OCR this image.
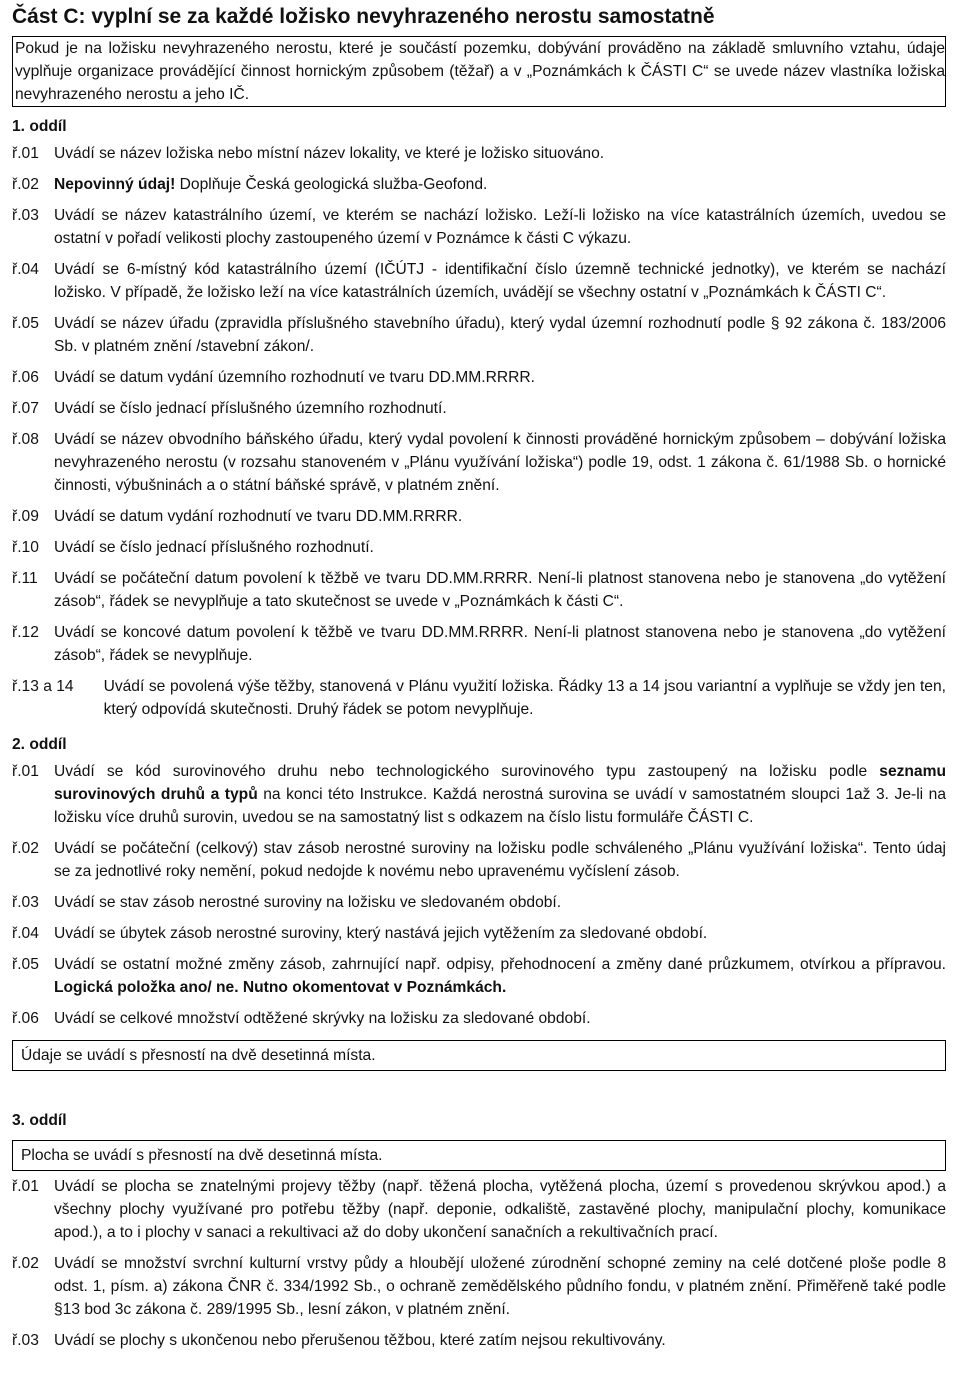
Část C: vyplní se za každé ložisko nevyhrazeného nerostu samostatně
Pokud je na ložisku nevyhrazeného nerostu, které je součástí pozemku, dobývání prováděno na základě smluvního vztahu, údaje vyplňuje organizace provádějící činnost hornickým způsobem (těžař) a v „Poznámkách k ČÁSTI C“ se uvede název vlastníka ložiska nevyhrazeného nerostu a jeho IČ.
1. oddíl
ř.01 Uvádí se název ložiska nebo místní název lokality, ve které je ložisko situováno.
ř.02 Nepovinný údaj! Doplňuje Česká geologická služba-Geofond.
ř.03 Uvádí se název katastrálního území, ve kterém se nachází ložisko. Leží-li ložisko na více katastrálních územích, uvedou se ostatní v pořadí velikosti plochy zastoupeného území v Poznámce k části C výkazu.
ř.04 Uvádí se 6-místný kód katastrálního území (IČÚTJ - identifikační číslo územně technické jednotky), ve kterém se nachází ložisko. V případě, že ložisko leží na více katastrálních územích, uvádějí se všechny ostatní v „Poznámkách k ČÁSTI C“.
ř.05 Uvádí se název úřadu (zpravidla příslušného stavebního úřadu), který vydal územní rozhodnutí podle § 92 zákona č. 183/2006 Sb. v platném znění /stavební zákon/.
ř.06 Uvádí se datum vydání územního rozhodnutí ve tvaru DD.MM.RRRR.
ř.07 Uvádí se číslo jednací příslušného územního rozhodnutí.
ř.08 Uvádí se název obvodního báňského úřadu, který vydal povolení k činnosti prováděné hornickým způsobem – dobývání ložiska nevyhrazeného nerostu (v rozsahu stanoveném v „Plánu využívání ložiska“) podle 19, odst. 1 zákona č. 61/1988 Sb. o hornické činnosti, výbušninách a o státní báňské správě, v platném znění.
ř.09 Uvádí se datum vydání rozhodnutí ve tvaru DD.MM.RRRR.
ř.10 Uvádí se číslo jednací příslušného rozhodnutí.
ř.11	Uvádí se počáteční datum povolení k těžbě ve tvaru DD.MM.RRRR. Není-li platnost stanovena nebo je stanovena „do vytěžení zásob“, řádek se nevyplňuje a tato skutečnost se uvede v „Poznámkách k části C“.
ř.12 Uvádí se koncové datum povolení k těžbě ve tvaru DD.MM.RRRR. Není-li platnost stanovena nebo je stanovena „do vytěžení zásob“, řádek se nevyplňuje.
ř.13 a 14	Uvádí se povolená výše těžby, stanovená v Plánu využití ložiska. Řádky 13 a 14 jsou variantní a vyplňuje se vždy jen ten, který odpovídá skutečnosti. Druhý řádek se potom nevyplňuje.
2. oddíl
ř.01 Uvádí se kód surovinového druhu nebo technologického surovinového typu zastoupený na ložisku podle seznamu surovinových druhů a typů na konci této Instrukce. Každá nerostná surovina se uvádí v samostatném sloupci 1až 3. Je-li na ložisku více druhů surovin, uvedou se na samostatný list s odkazem na číslo listu formuláře ČÁSTI C.
ř.02 Uvádí se počáteční (celkový) stav zásob nerostné suroviny na ložisku podle schváleného „Plánu využívání ložiska“. Tento údaj se za jednotlivé roky nemění, pokud nedojde k novému nebo upravenému vyčíslení zásob.
ř.03 Uvádí se stav zásob nerostné suroviny na ložisku ve sledovaném období.
ř.04 Uvádí se úbytek zásob nerostné suroviny, který nastává jejich vytěžením za sledované období.
ř.05 Uvádí se ostatní možné změny zásob, zahrnující např. odpisy, přehodnocení a změny dané průzkumem, otvírkou a přípravou. Logická položka ano/ ne. Nutno okomentovat v Poznámkách.
ř.06 Uvádí se celkové množství odtěžené skrývky na ložisku za sledované období.
Údaje se uvádí s přesností na dvě desetinná místa.
3. oddíl
Plocha se uvádí s přesností na dvě desetinná místa.
ř.01 Uvádí se plocha se znatelnými projevy těžby (např. těžená plocha, vytěžená plocha, území s provedenou skrývkou apod.) a všechny plochy využívané pro potřebu těžby (např. deponie, odkaliště, zastavěné plochy, manipulační plochy, komunikace apod.), a to i plochy v sanaci a rekultivaci až do doby ukončení sanačních a rekultivačních prací.
ř.02 Uvádí se množství svrchní kulturní vrstvy půdy a hloubějí uložené zúrodnění schopné zeminy na celé dotčené ploše podle 8 odst. 1, písm. a) zákona ČNR č. 334/1992 Sb., o ochraně zemědělského půdního fondu, v platném znění. Přiměřeně také podle §13 bod 3c zákona č. 289/1995 Sb., lesní zákon, v platném znění.
ř.03 Uvádí se plochy s ukončenou nebo přerušenou těžbou, které zatím nejsou rekultivovány.
